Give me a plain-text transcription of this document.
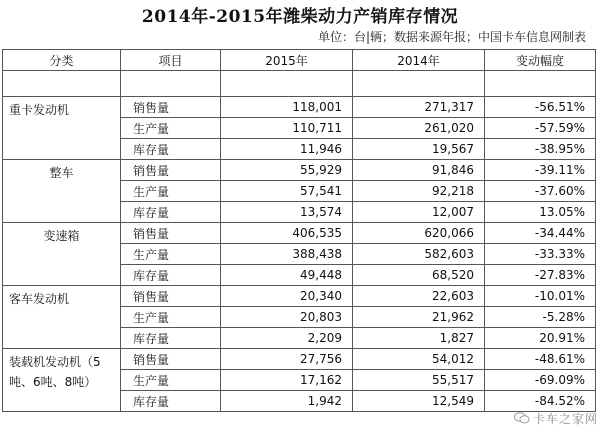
2014年-2015年潍柴动力产销库存情况
单位：台|辆；数据来源年报；中国卡车信息网制表
分类	项目	2015年	2014年	变动幅度

重卡发动机	销售量	118,001	271,317	-56.51%
	生产量	110,711	261,020	-57.59%
	库存量	11,946	19,567	-38.95%
整车	销售量	55,929	91,846	-39.11%
	生产量	57,541	92,218	-37.60%
	库存量	13,574	12,007	13.05%
变速箱	销售量	406,535	620,066	-34.44%
	生产量	388,438	582,603	-33.33%
	库存量	49,448	68,520	-27.83%
客车发动机	销售量	20,340	22,603	-10.01%
	生产量	20,803	21,962	-5.28%
	库存量	2,209	1,827	20.91%
装载机发动机（5吨、6吨、8吨）	销售量	27,756	54,012	-48.61%
	生产量	17,162	55,517	-69.09%
	库存量	1,942	12,549	-84.52%
卡车之家网
